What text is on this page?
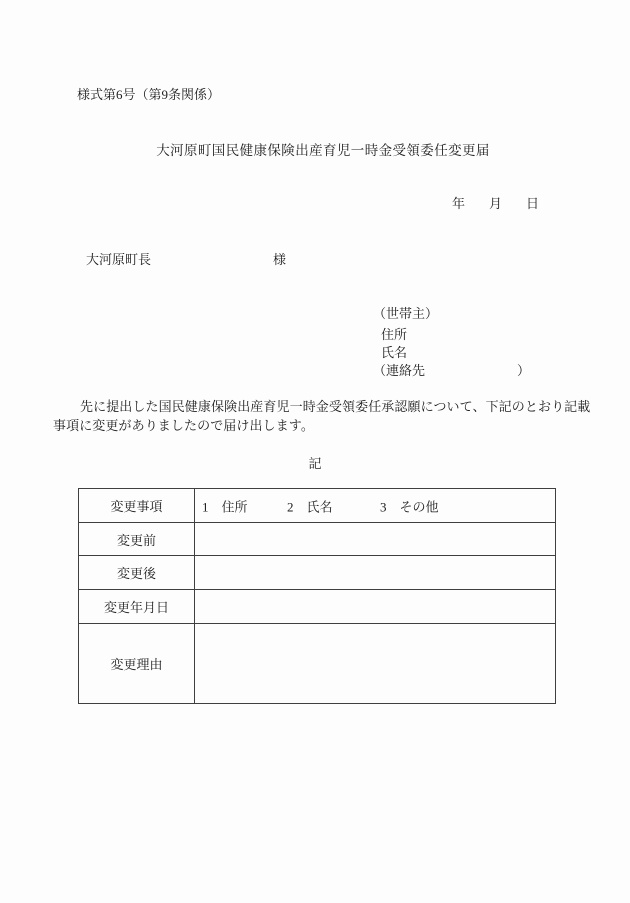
様式第6号（第9条関係）
大河原町国民健康保険出産育児一時金受領委任変更届
年 月 日
大河原町長	様
（世帯主）
住所
氏名
（連絡先	）
先に提出した国民健康保険出産育児一時金受領委任承認願について、下記のとおり記載
事項に変更がありましたので届け出します。
記
変更事項	1　住所 2　氏名 3　その他

変更前	
変更後	
変更年月日	
変更理由	
